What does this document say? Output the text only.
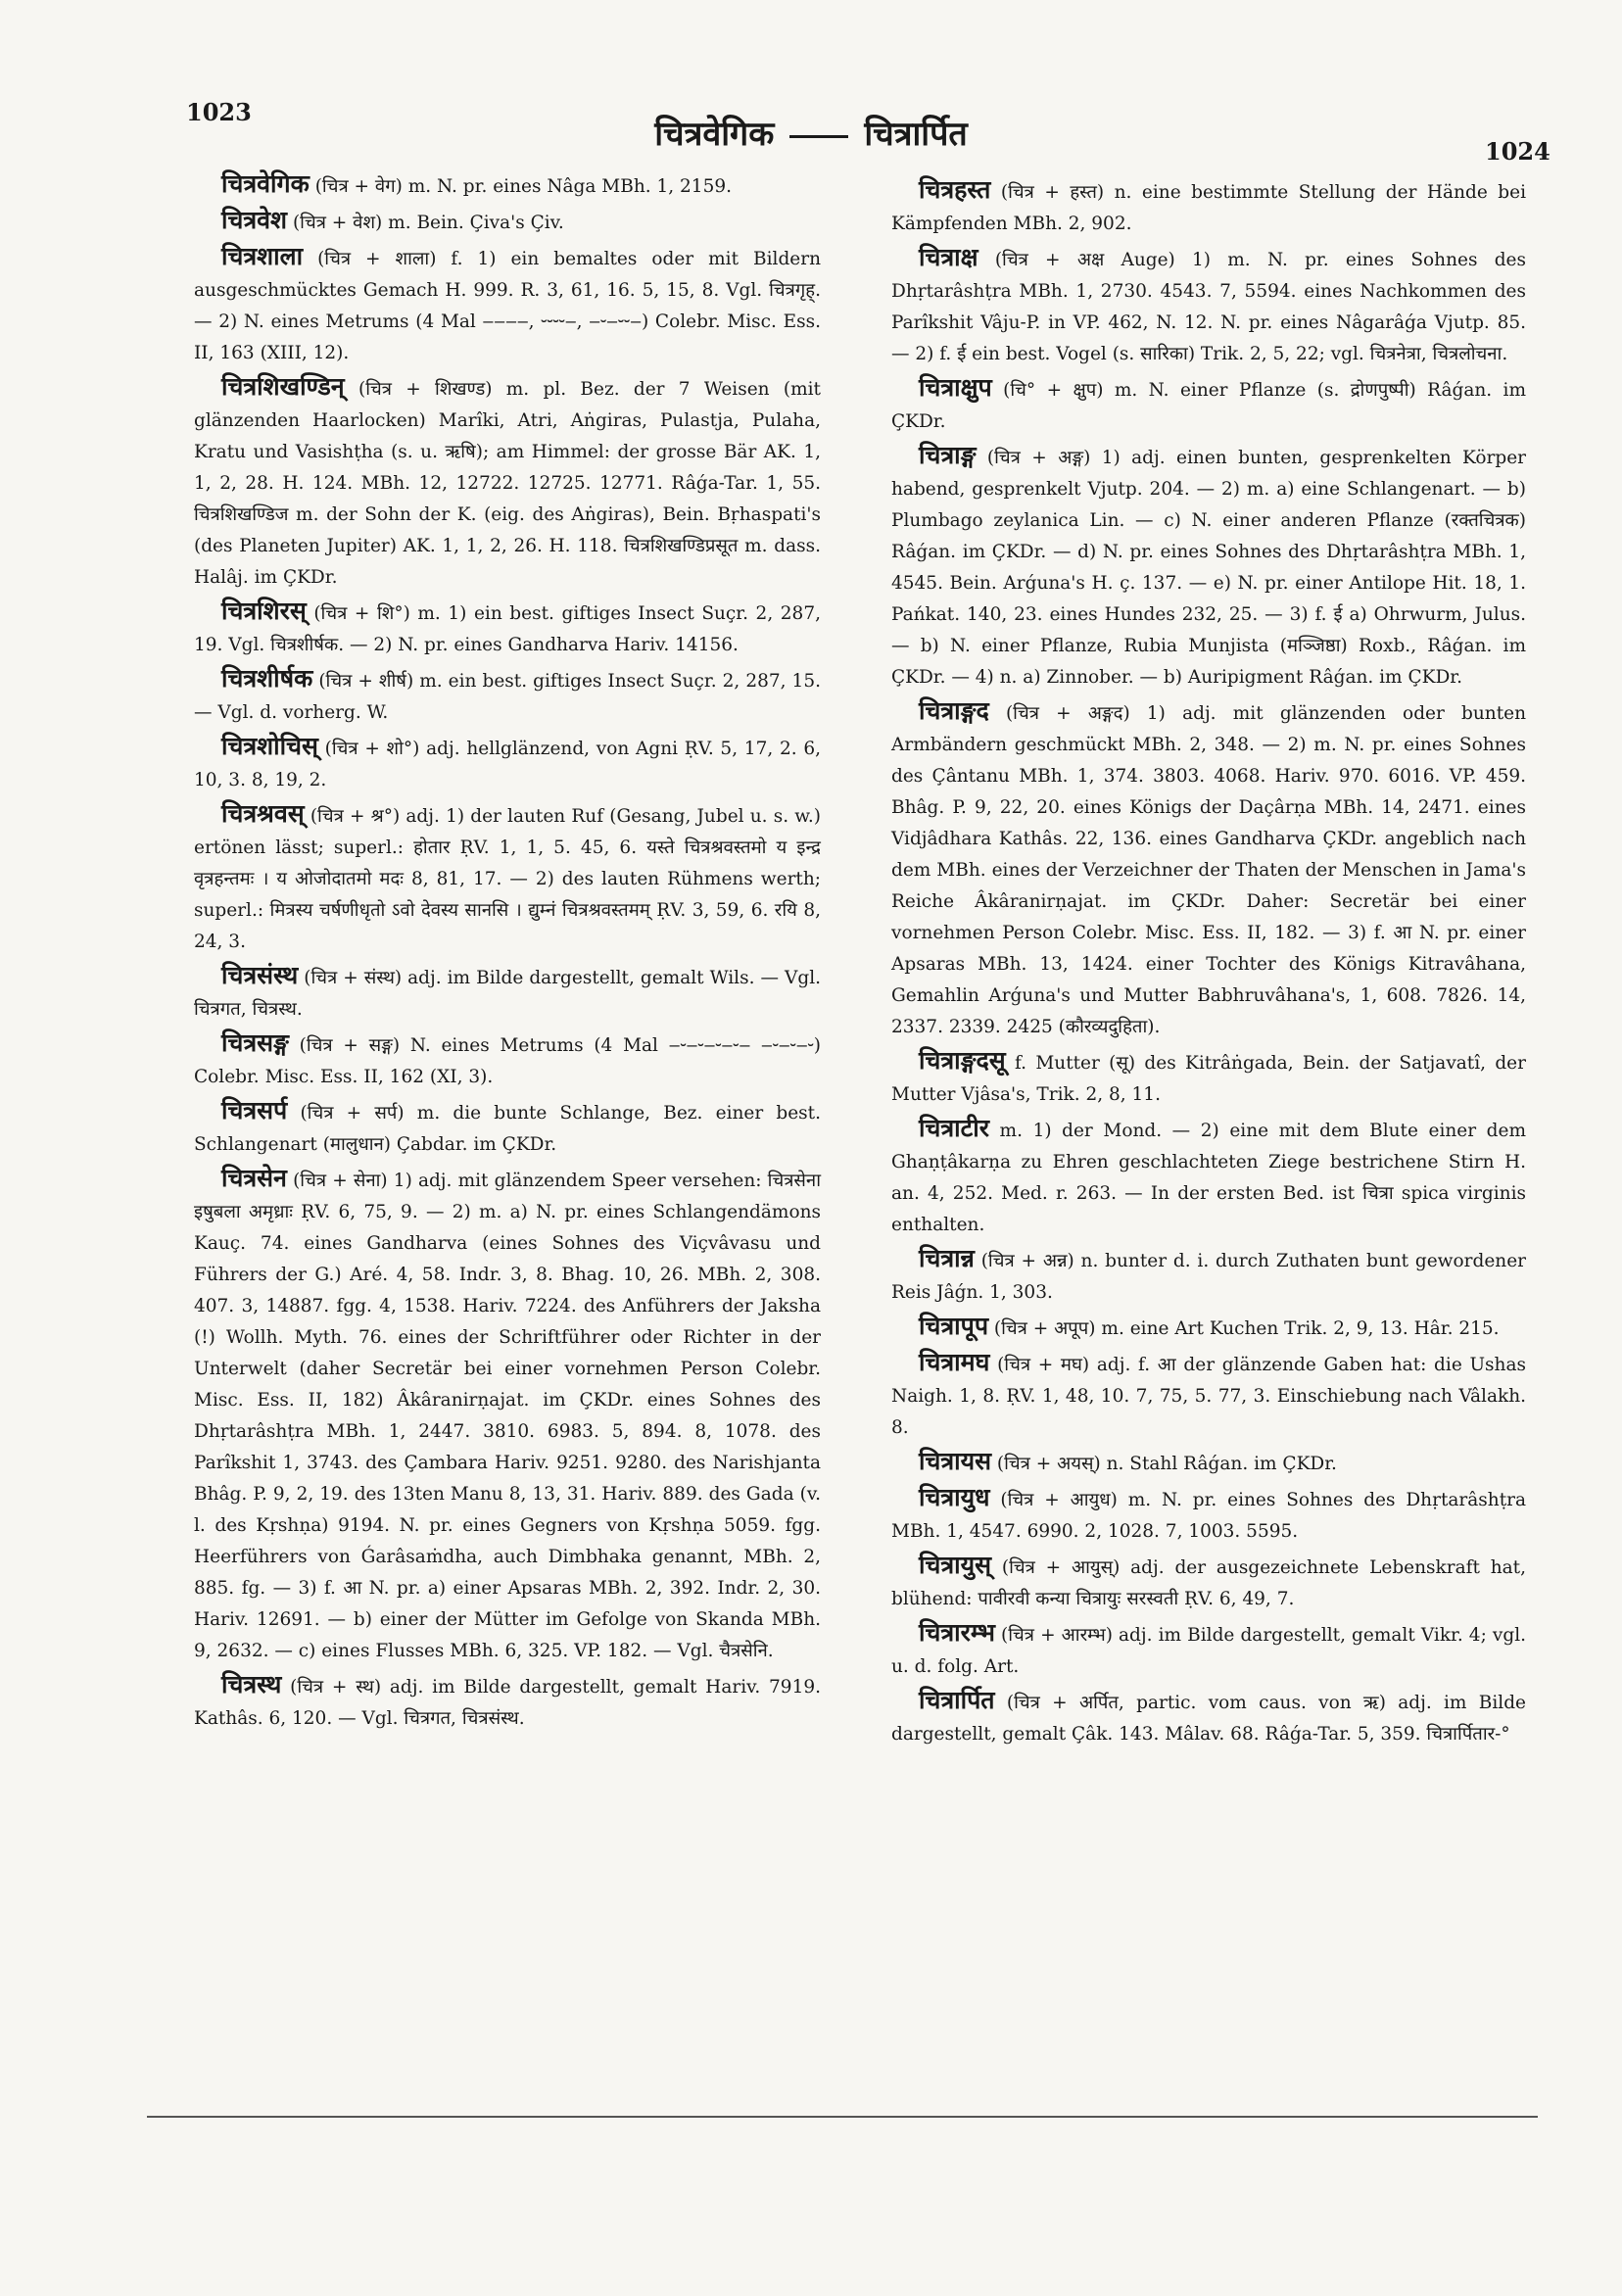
1023
चित्रवेगिक	चित्रार्पित	1024

चित्रवेगिक (चित्र + वेग) m. N. pr. eines Nâga MBh. 1, 2159.

चित्रवेश (चित्र + वेश) m. Bein. Çiva's Çiv.

चित्रशाला (चित्र + शाला) f. 1) ein bemaltes oder mit Bildern ausgeschmücktes Gemach H. 999. R. 3, 61, 16. 5, 15, 8. Vgl. चित्रगृह्. — 2) N. eines Metrums (4 Mal ‒‒‒‒, ⏑⏑⏑⏑‒, ‒⏑‒⏑⏑‒) Colebr. Misc. Ess. II, 163 (XIII, 12).

चित्रशिखण्डिन् (चित्र + शिखण्ड) m. pl. Bez. der 7 Weisen (mit glänzenden Haarlocken) Marîki, Atri, Aṅgiras, Pulastja, Pulaha, Kratu und Vasishṭha (s. u. ऋषि); am Himmel: der grosse Bär AK. 1, 1, 2, 28. H. 124. MBh. 12, 12722. 12725. 12771. Râǵa-Tar. 1, 55. चित्रशिखण्डिज m. der Sohn der K. (eig. des Aṅgiras), Bein. Bṛhaspati's (des Planeten Jupiter) AK. 1, 1, 2, 26. H. 118. चित्रशिखण्डिप्रसूत m. dass. Halâj. im ÇKDr.

चित्रशिरस् (चित्र + शि°) m. 1) ein best. giftiges Insect Suçr. 2, 287, 19. Vgl. चित्रशीर्षक. — 2) N. pr. eines Gandharva Hariv. 14156.

चित्रशीर्षक (चित्र + शीर्ष) m. ein best. giftiges Insect Suçr. 2, 287, 15. — Vgl. d. vorherg. W.

चित्रशोचिस् (चित्र + शो°) adj. hellglänzend, von Agni ṚV. 5, 17, 2. 6, 10, 3. 8, 19, 2.

चित्रश्रवस् (चित्र + श्र°) adj. 1) der lauten Ruf (Gesang, Jubel u. s. w.) ertönen lässt; superl.: होतार ṚV. 1, 1, 5. 45, 6. यस्ते चित्रश्रवस्तमो य इन्द्र वृत्रहन्तमः । य ओजोदातमो मदः 8, 81, 17. — 2) des lauten Rühmens werth; superl.: मित्रस्य चर्षणीधृतो ऽवो देवस्य सानसि । द्युम्नं चित्रश्रवस्तमम् ṚV. 3, 59, 6. रयि 8, 24, 3.

चित्रसंस्थ (चित्र + संस्थ) adj. im Bilde dargestellt, gemalt Wils. — Vgl. चित्रगत, चित्रस्थ.

चित्रसङ्ग (चित्र + सङ्ग) N. eines Metrums (4 Mal ‒⏑‒⏑‒⏑‒⏑‒ ‒⏑‒⏑‒⏑) Colebr. Misc. Ess. II, 162 (XI, 3).

चित्रसर्प (चित्र + सर्प) m. die bunte Schlange, Bez. einer best. Schlangenart (मालुधान) Çabdar. im ÇKDr.

चित्रसेन (चित्र + सेना) 1) adj. mit glänzendem Speer versehen: चित्रसेना इषुबला अमृध्राः ṚV. 6, 75, 9. — 2) m. a) N. pr. eines Schlangendämons Kauç. 74. eines Gandharva (eines Sohnes des Viçvâvasu und Führers der G.) Aré. 4, 58. Indr. 3, 8. Bhag. 10, 26. MBh. 2, 308. 407. 3, 14887. fgg. 4, 1538. Hariv. 7224. des Anführers der Jaksha (!) Wollh. Myth. 76. eines der Schriftführer oder Richter in der Unterwelt (daher Secretär bei einer vornehmen Person Colebr. Misc. Ess. II, 182) Âkâranirṇajat. im ÇKDr. eines Sohnes des Dhṛtarâshṭra MBh. 1, 2447. 3810. 6983. 5, 894. 8, 1078. des Parîkshit 1, 3743. des Çambara Hariv. 9251. 9280. des Narishjanta Bhâg. P. 9, 2, 19. des 13ten Manu 8, 13, 31. Hariv. 889. des Gada (v. l. des Kṛshṇa) 9194. N. pr. eines Gegners von Kṛshṇa 5059. fgg. Heerführers von Ǵarâsaṁdha, auch Dimbhaka genannt, MBh. 2, 885. fg. — 3) f. आ N. pr. a) einer Apsaras MBh. 2, 392. Indr. 2, 30. Hariv. 12691. — b) einer der Mütter im Gefolge von Skanda MBh. 9, 2632. — c) eines Flusses MBh. 6, 325. VP. 182. — Vgl. चैत्रसेनि.

चित्रस्थ (चित्र + स्थ) adj. im Bilde dargestellt, gemalt Hariv. 7919. Kathâs. 6, 120. — Vgl. चित्रगत, चित्रसंस्थ.

चित्रहस्त (चित्र + हस्त) n. eine bestimmte Stellung der Hände bei Kämpfenden MBh. 2, 902.

चित्राक्ष (चित्र + अक्ष Auge) 1) m. N. pr. eines Sohnes des Dhṛtarâshṭra MBh. 1, 2730. 4543. 7, 5594. eines Nachkommen des Parîkshit Vâju-P. in VP. 462, N. 12. N. pr. eines Nâgarâǵa Vjutp. 85. — 2) f. ई ein best. Vogel (s. सारिका) Trik. 2, 5, 22; vgl. चित्रनेत्रा, चित्रलोचना.

चित्राक्षुप (चि° + क्षुप) m. N. einer Pflanze (s. द्रोणपुष्पी) Râǵan. im ÇKDr.

चित्राङ्ग (चित्र + अङ्ग) 1) adj. einen bunten, gesprenkelten Körper habend, gesprenkelt Vjutp. 204. — 2) m. a) eine Schlangenart. — b) Plumbago zeylanica Lin. — c) N. einer anderen Pflanze (रक्तचित्रक) Râǵan. im ÇKDr. — d) N. pr. eines Sohnes des Dhṛtarâshṭra MBh. 1, 4545. Bein. Arǵuna's H. ç. 137. — e) N. pr. einer Antilope Hit. 18, 1. Pańkat. 140, 23. eines Hundes 232, 25. — 3) f. ई a) Ohrwurm, Julus. — b) N. einer Pflanze, Rubia Munjista (मञ्जिष्ठा) Roxb., Râǵan. im ÇKDr. — 4) n. a) Zinnober. — b) Auripigment Râǵan. im ÇKDr.

चित्राङ्गद (चित्र + अङ्गद) 1) adj. mit glänzenden oder bunten Armbändern geschmückt MBh. 2, 348. — 2) m. N. pr. eines Sohnes des Çântanu MBh. 1, 374. 3803. 4068. Hariv. 970. 6016. VP. 459. Bhâg. P. 9, 22, 20. eines Königs der Daçârṇa MBh. 14, 2471. eines Vidjâdhara Kathâs. 22, 136. eines Gandharva ÇKDr. angeblich nach dem MBh. eines der Verzeichner der Thaten der Menschen in Jama's Reiche Âkâranirṇajat. im ÇKDr. Daher: Secretär bei einer vornehmen Person Colebr. Misc. Ess. II, 182. — 3) f. आ N. pr. einer Apsaras MBh. 13, 1424. einer Tochter des Königs Kitravâhana, Gemahlin Arǵuna's und Mutter Babhruvâhana's, 1, 608. 7826. 14, 2337. 2339. 2425 (कौरव्यदुहिता).

चित्राङ्गदसू f. Mutter (सू) des Kitrâṅgada, Bein. der Satjavatî, der Mutter Vjâsa's, Trik. 2, 8, 11.

चित्राटीर m. 1) der Mond. — 2) eine mit dem Blute einer dem Ghaṇṭâkarṇa zu Ehren geschlachteten Ziege bestrichene Stirn H. an. 4, 252. Med. r. 263. — In der ersten Bed. ist चित्रा spica virginis enthalten.

चित्रान्न (चित्र + अन्न) n. bunter d. i. durch Zuthaten bunt gewordener Reis Jâǵn. 1, 303.

चित्रापूप (चित्र + अपूप) m. eine Art Kuchen Trik. 2, 9, 13. Hâr. 215.

चित्रामघ (चित्र + मघ) adj. f. आ der glänzende Gaben hat: die Ushas Naigh. 1, 8. ṚV. 1, 48, 10. 7, 75, 5. 77, 3. Einschiebung nach Vâlakh. 8.

चित्रायस (चित्र + अयस्) n. Stahl Râǵan. im ÇKDr.

चित्रायुध (चित्र + आयुध) m. N. pr. eines Sohnes des Dhṛtarâshṭra MBh. 1, 4547. 6990. 2, 1028. 7, 1003. 5595.

चित्रायुस् (चित्र + आयुस्) adj. der ausgezeichnete Lebenskraft hat, blühend: पावीरवी कन्या चित्रायुः सरस्वती ṚV. 6, 49, 7.

चित्रारम्भ (चित्र + आरम्भ) adj. im Bilde dargestellt, gemalt Vikr. 4; vgl. u. d. folg. Art.

चित्रार्पित (चित्र + अर्पित, partic. vom caus. von ऋ) adj. im Bilde dargestellt, gemalt Çâk. 143. Mâlav. 68. Râǵa-Tar. 5, 359. चित्रार्पितार-°
